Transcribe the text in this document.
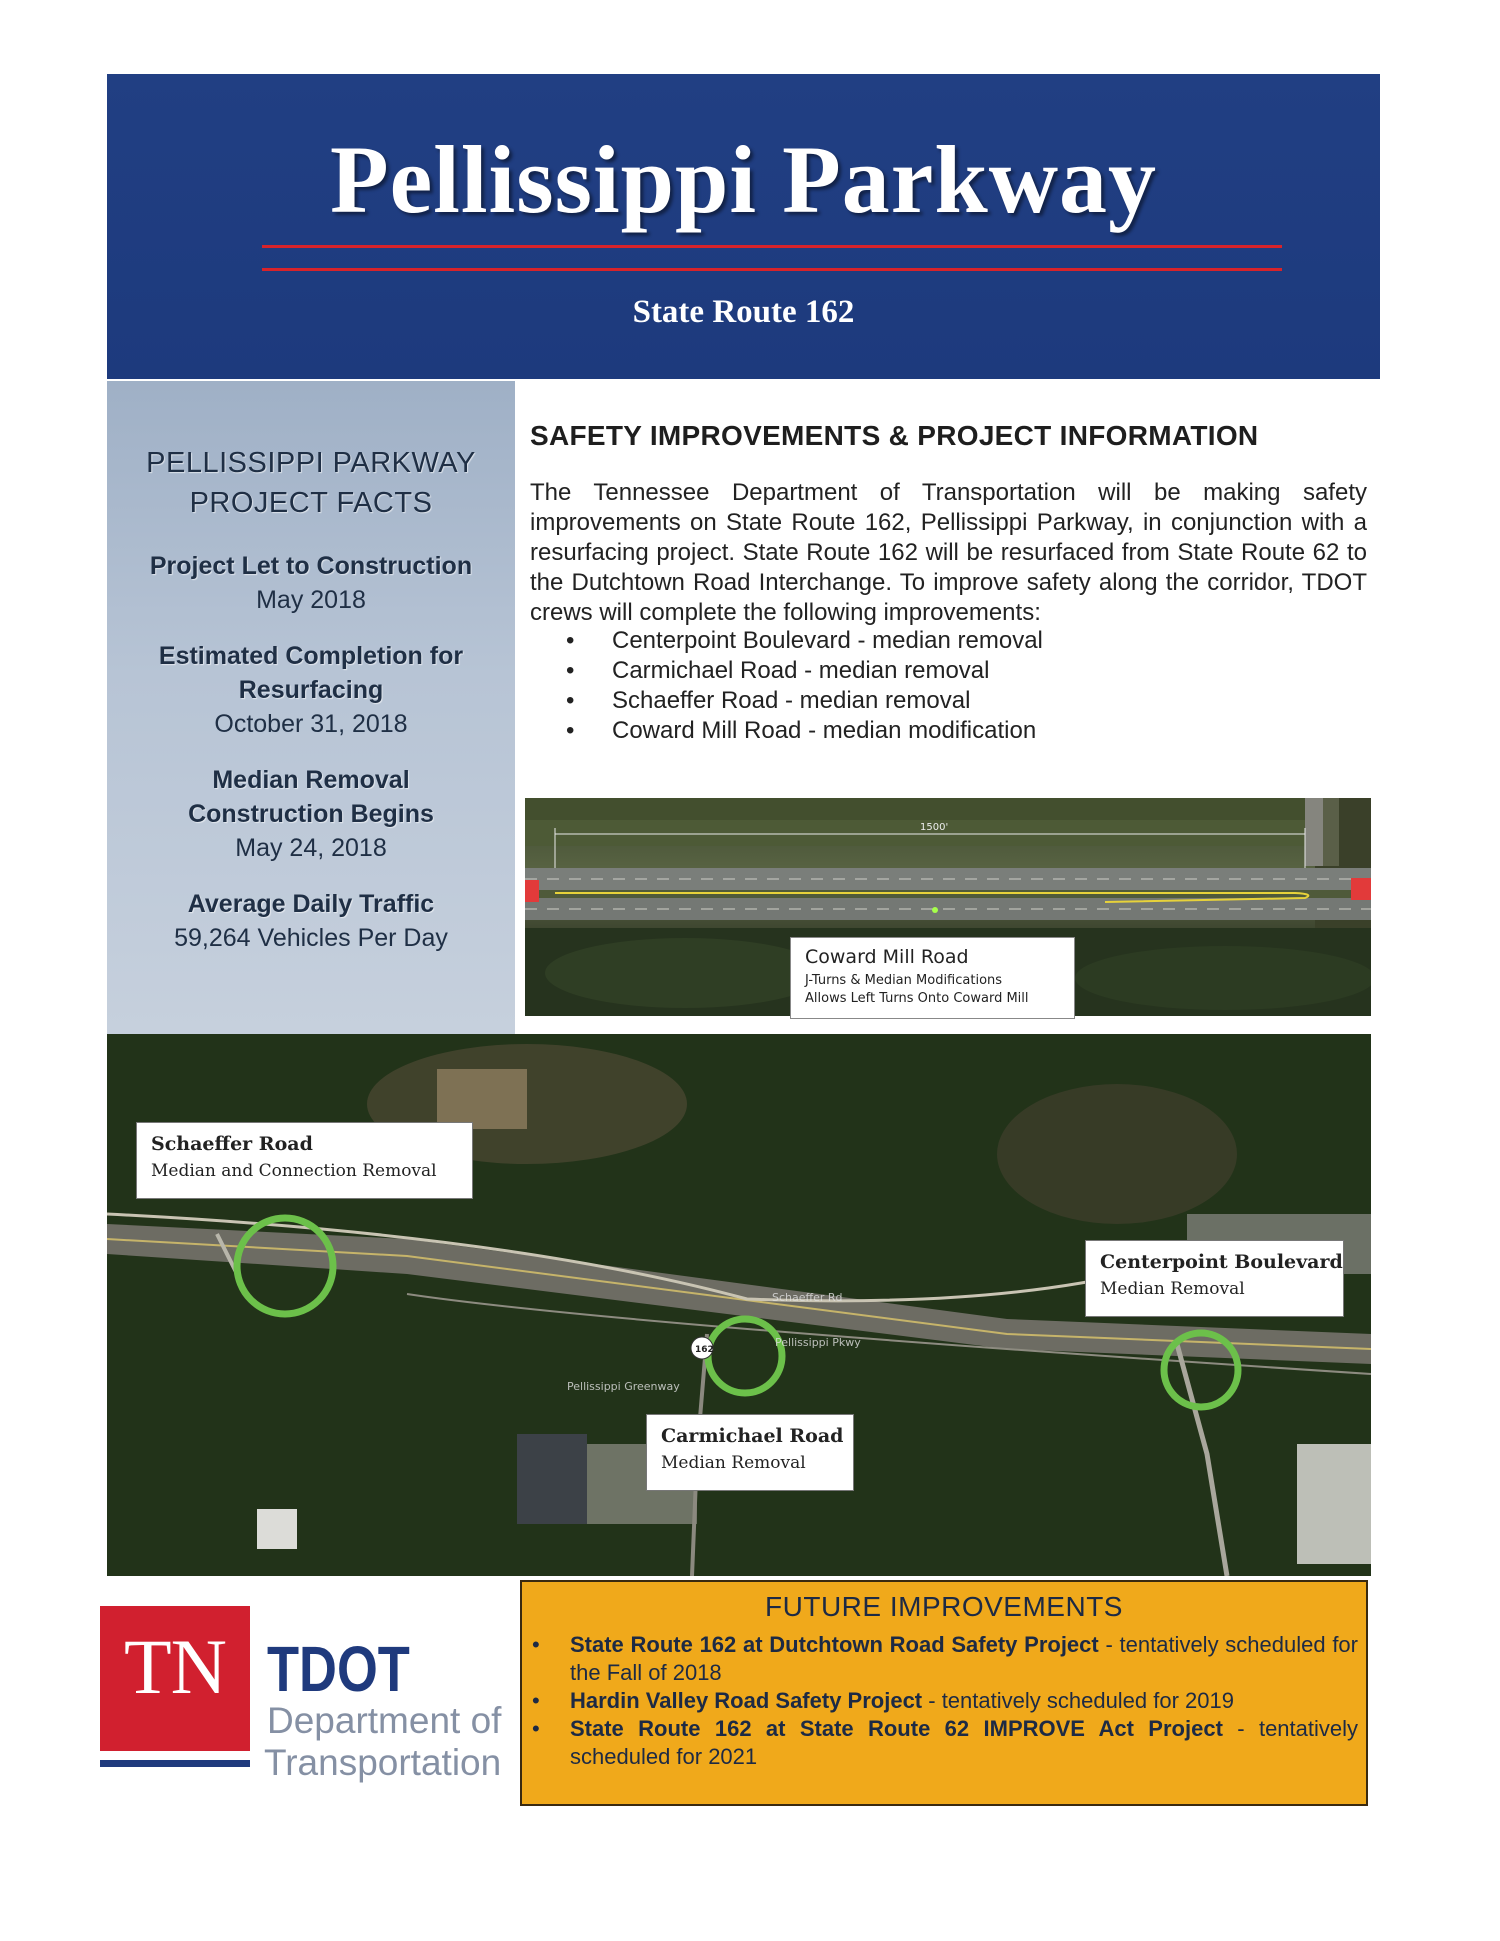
Pellissippi Parkway
State Route 162
PELLISSIPPI PARKWAY
PROJECT FACTS
Project Let to Construction
May 2018
Estimated Completion for
Resurfacing
October 31, 2018
Median Removal
Construction Begins
May 24, 2018
Average Daily Traffic
59,264 Vehicles Per Day
SAFETY IMPROVEMENTS & PROJECT INFORMATION
The Tennessee Department of Transportation will be making safety improvements on State Route 162, Pellissippi Parkway, in conjunction with a resurfacing project. State Route 162 will be resurfaced from State Route 62 to the Dutchtown Road Interchange. To improve safety along the corridor, TDOT crews will complete the following improvements:
• Centerpoint Boulevard - median removal
• Carmichael Road - median removal
• Schaeffer Road - median removal
• Coward Mill Road - median modification
1500'
Coward Mill Road
J-Turns & Median Modifications
Allows Left Turns Onto Coward Mill
162
Schaeffer Rd
Pellissippi Greenway
Pellissippi Pkwy
Schaeffer Road
Median and Connection Removal
Centerpoint Boulevard
Median Removal
Carmichael Road
Median Removal
TN TDOT
Department of
Transportation
FUTURE IMPROVEMENTS
• State Route 162 at Dutchtown Road Safety Project - tentatively scheduled for the Fall of 2018
• Hardin Valley Road Safety Project - tentatively scheduled for 2019
• State Route 162 at State Route 62 IMPROVE Act Project - tentatively scheduled for 2021
